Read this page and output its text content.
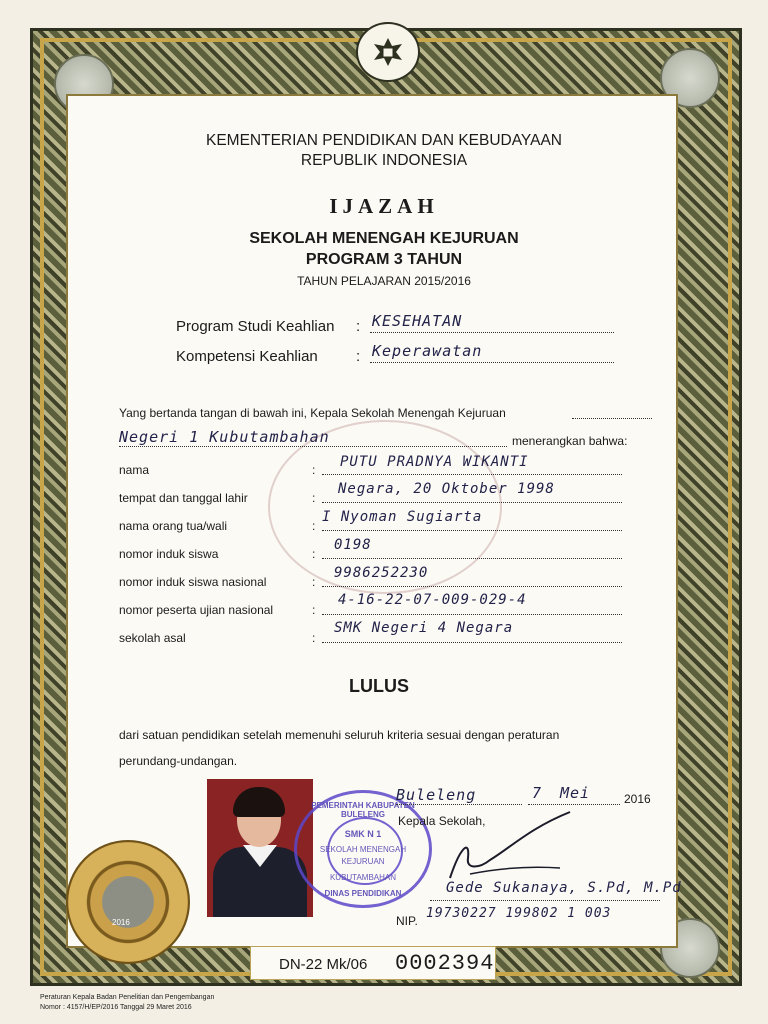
KEMENTERIAN PENDIDIKAN DAN KEBUDAYAAN
REPUBLIK INDONESIA
IJAZAH
SEKOLAH MENENGAH KEJURUAN
PROGRAM 3 TAHUN
TAHUN PELAJARAN 2015/2016
Program Studi Keahlian : KESEHATAN
Kompetensi Keahlian	: Keperawatan
Yang bertanda tangan di bawah ini, Kepala Sekolah Menengah Kejuruan
Negeri 1 Kubutambahan	menerangkan bahwa:
nama	: PUTU PRADNYA WIKANTI
tempat dan tanggal lahir	:
Negara, 20 Oktober 1998
nama orang tua/wali	:
I Nyoman Sugiarta
nomor induk siswa	:
0198
nomor induk siswa nasional	:
9986252230
nomor peserta ujian nasional	:
4-16-22-07-009-029-4
sekolah asal	:
SMK Negeri 4 Negara
LULUS
dari satuan pendidikan setelah memenuhi seluruh kriteria sesuai dengan peraturan
perundang-undangan.
PEMERINTAH KABUPATEN BULELENG
SMK N 1
SEKOLAH MENENGAH
KEJURUAN
KUBUTAMBAHAN
DINAS PENDIDIKAN
Buleleng	7 Mei	2016
Kepala Sekolah,
Gede Sukanaya, S.Pd, M.Pd
NIP. 19730227 199802 1 003
2016
DN-22 Mk/06 0002394
Peraturan Kepala Badan Penelitian dan Pengembangan
Nomor : 4157/H/EP/2016 Tanggal 29 Maret 2016
